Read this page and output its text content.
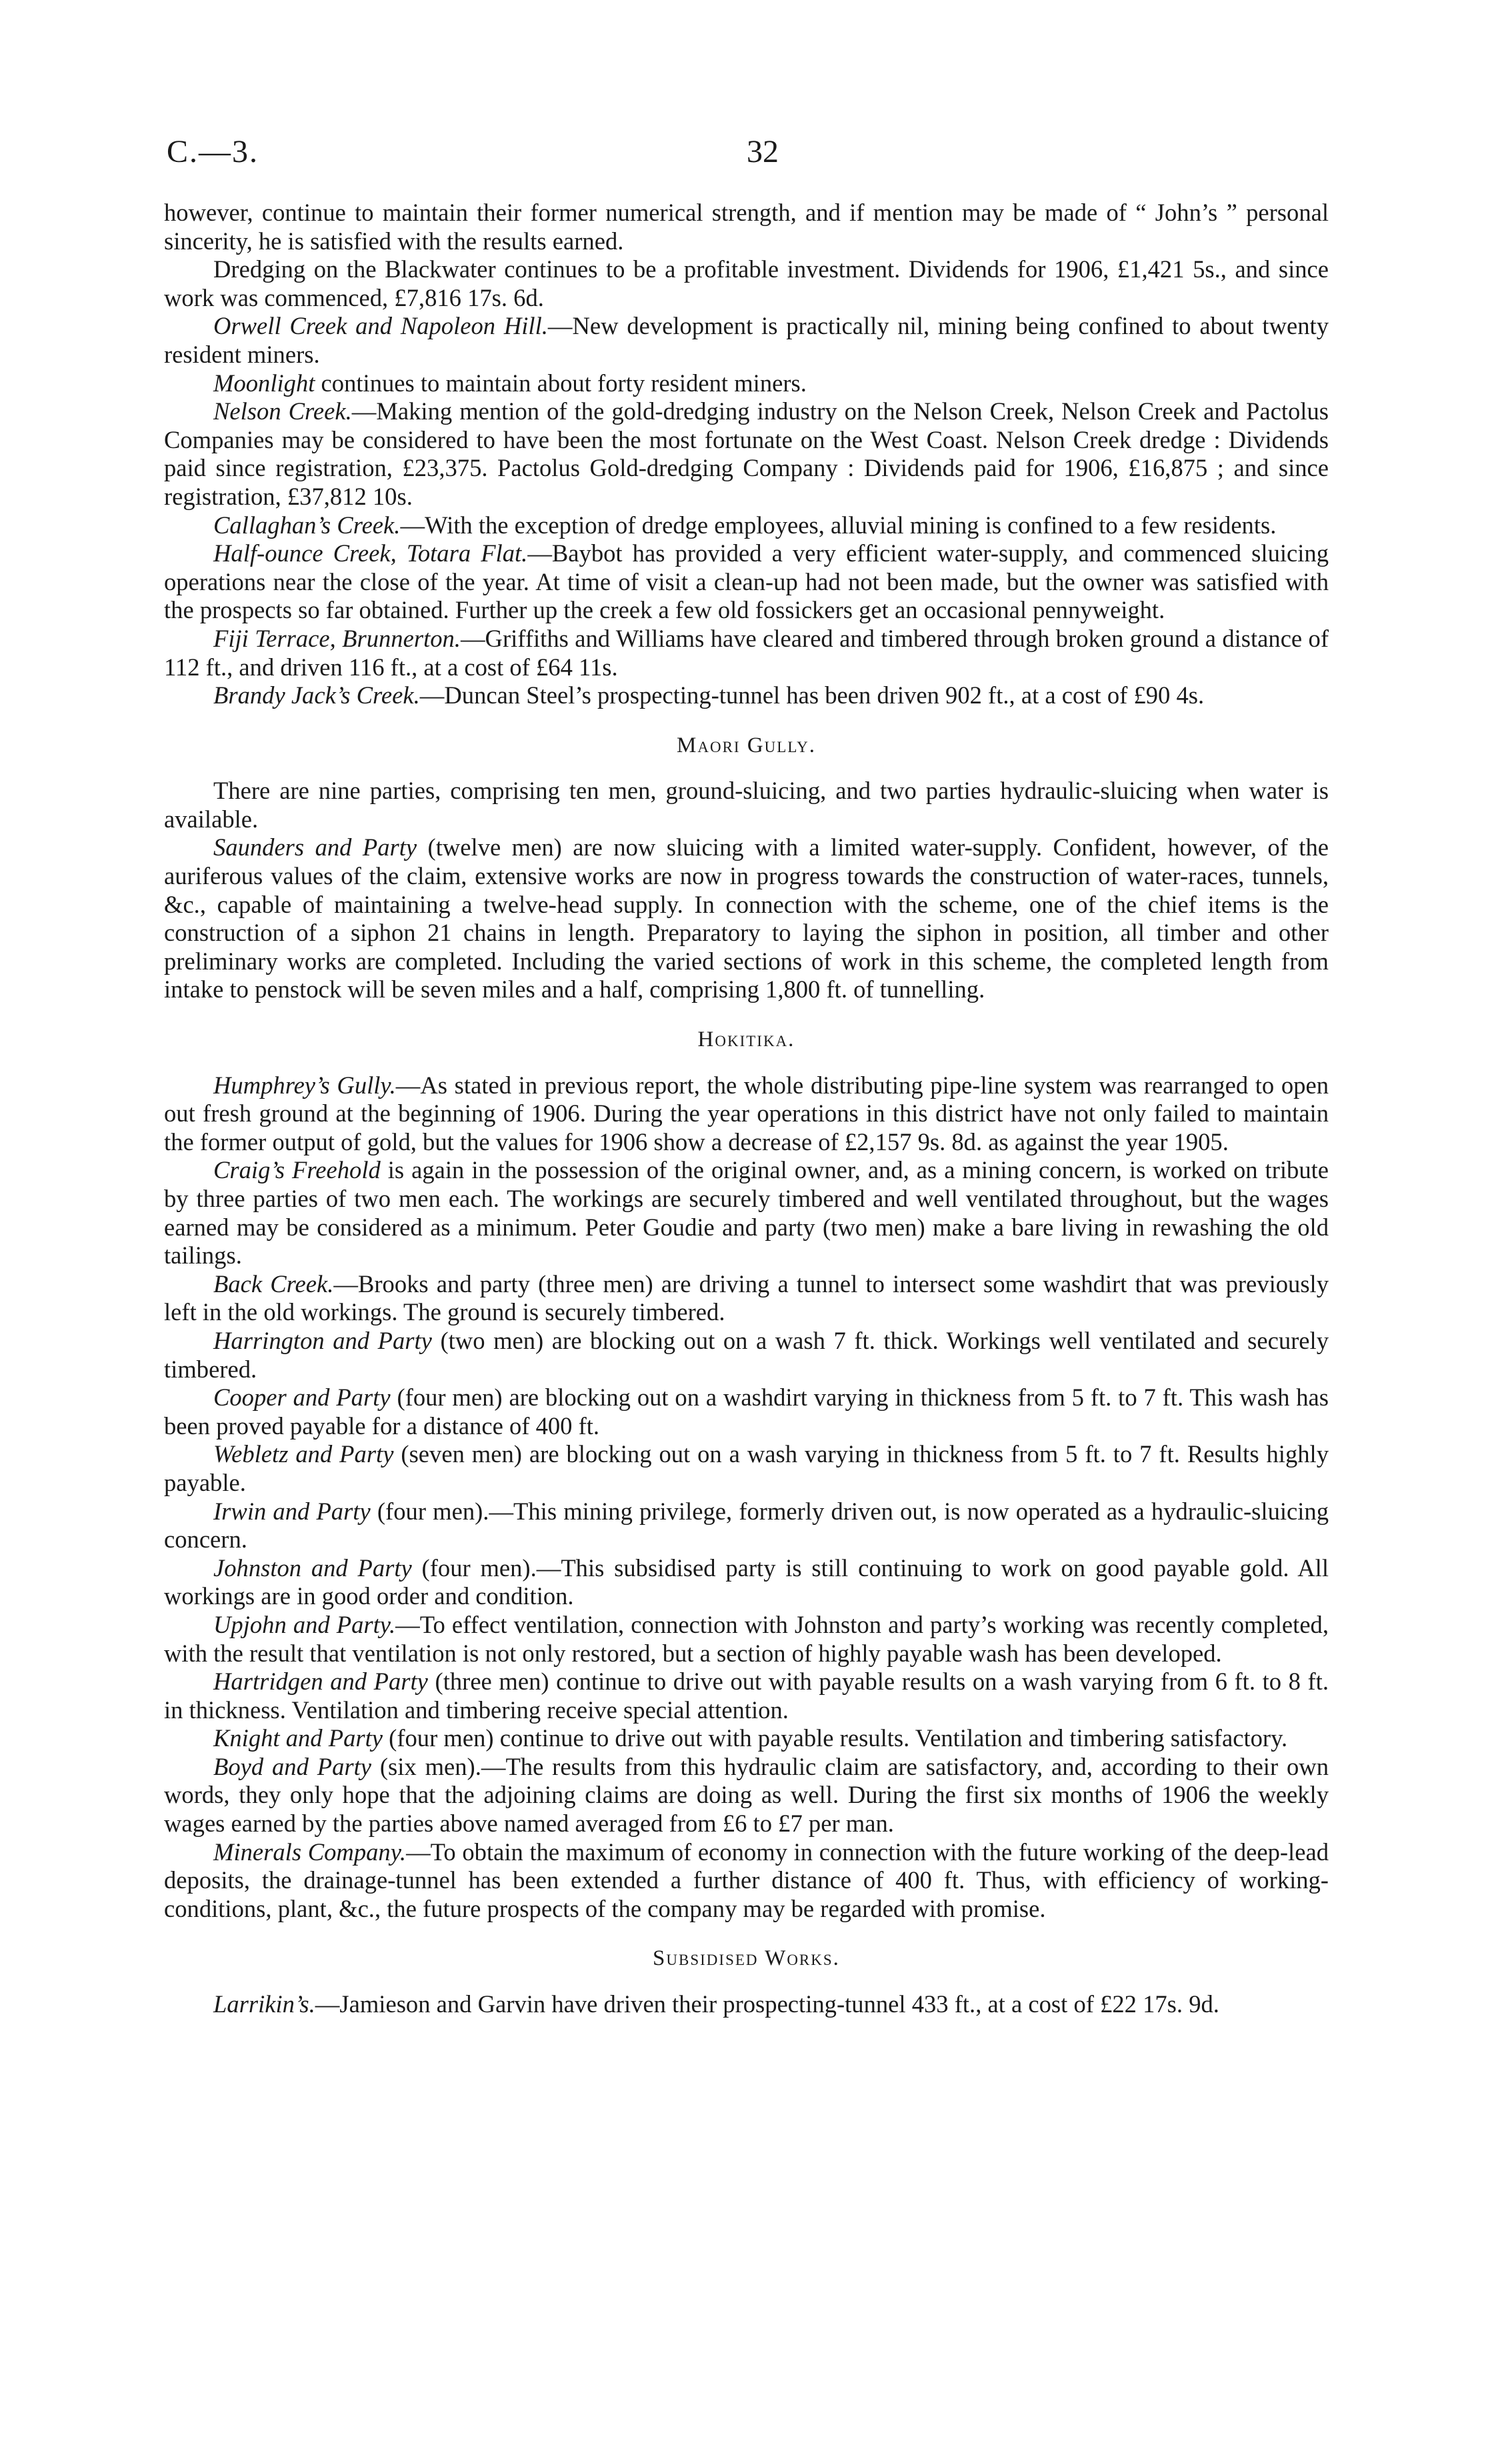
C.—3.	32

however, continue to maintain their former numerical strength, and if mention may be made of “ John’s ” personal sincerity, he is satisfied with the results earned.

Dredging on the Blackwater continues to be a profitable investment. Dividends for 1906, £1,421 5s., and since work was commenced, £7,816 17s. 6d.

Orwell Creek and Napoleon Hill.—New development is practically nil, mining being confined to about twenty resident miners.

Moonlight continues to maintain about forty resident miners.

Nelson Creek.—Making mention of the gold-dredging industry on the Nelson Creek, Nelson Creek and Pactolus Companies may be considered to have been the most fortunate on the West Coast. Nelson Creek dredge : Dividends paid since registration, £23,375. Pactolus Gold-dredging Company : Dividends paid for 1906, £16,875 ; and since registration, £37,812 10s.

Callaghan’s Creek.—With the exception of dredge employees, alluvial mining is confined to a few residents.

Half-ounce Creek, Totara Flat.—Baybot has provided a very efficient water-supply, and commenced sluicing operations near the close of the year. At time of visit a clean-up had not been made, but the owner was satisfied with the prospects so far obtained. Further up the creek a few old fossickers get an occasional pennyweight.

Fiji Terrace, Brunnerton.—Griffiths and Williams have cleared and timbered through broken ground a distance of 112 ft., and driven 116 ft., at a cost of £64 11s.

Brandy Jack’s Creek.—Duncan Steel’s prospecting-tunnel has been driven 902 ft., at a cost of £90 4s.

Maori Gully.

There are nine parties, comprising ten men, ground-sluicing, and two parties hydraulic-sluicing when water is available.

Saunders and Party (twelve men) are now sluicing with a limited water-supply. Confident, however, of the auriferous values of the claim, extensive works are now in progress towards the construction of water-races, tunnels, &c., capable of maintaining a twelve-head supply. In connection with the scheme, one of the chief items is the construction of a siphon 21 chains in length. Preparatory to laying the siphon in position, all timber and other preliminary works are completed. Including the varied sections of work in this scheme, the completed length from intake to penstock will be seven miles and a half, comprising 1,800 ft. of tunnelling.

Hokitika.

Humphrey’s Gully.—As stated in previous report, the whole distributing pipe-line system was rearranged to open out fresh ground at the beginning of 1906. During the year operations in this district have not only failed to maintain the former output of gold, but the values for 1906 show a decrease of £2,157 9s. 8d. as against the year 1905.

Craig’s Freehold is again in the possession of the original owner, and, as a mining concern, is worked on tribute by three parties of two men each. The workings are securely timbered and well ventilated throughout, but the wages earned may be considered as a minimum. Peter Goudie and party (two men) make a bare living in rewashing the old tailings.

Back Creek.—Brooks and party (three men) are driving a tunnel to intersect some washdirt that was previously left in the old workings. The ground is securely timbered.

Harrington and Party (two men) are blocking out on a wash 7 ft. thick. Workings well ventilated and securely timbered.

Cooper and Party (four men) are blocking out on a washdirt varying in thickness from 5 ft. to 7 ft. This wash has been proved payable for a distance of 400 ft.

Webletz and Party (seven men) are blocking out on a wash varying in thickness from 5 ft. to 7 ft. Results highly payable.

Irwin and Party (four men).—This mining privilege, formerly driven out, is now operated as a hydraulic-sluicing concern.

Johnston and Party (four men).—This subsidised party is still continuing to work on good payable gold. All workings are in good order and condition.

Upjohn and Party.—To effect ventilation, connection with Johnston and party’s working was recently completed, with the result that ventilation is not only restored, but a section of highly payable wash has been developed.

Hartridgen and Party (three men) continue to drive out with payable results on a wash varying from 6 ft. to 8 ft. in thickness. Ventilation and timbering receive special attention.

Knight and Party (four men) continue to drive out with payable results. Ventilation and timbering satisfactory.

Boyd and Party (six men).—The results from this hydraulic claim are satisfactory, and, according to their own words, they only hope that the adjoining claims are doing as well. During the first six months of 1906 the weekly wages earned by the parties above named averaged from £6 to £7 per man.

Minerals Company.—To obtain the maximum of economy in connection with the future working of the deep-lead deposits, the drainage-tunnel has been extended a further distance of 400 ft. Thus, with efficiency of working-conditions, plant, &c., the future prospects of the company may be regarded with promise.

Subsidised Works.

Larrikin’s.—Jamieson and Garvin have driven their prospecting-tunnel 433 ft., at a cost of £22 17s. 9d.
